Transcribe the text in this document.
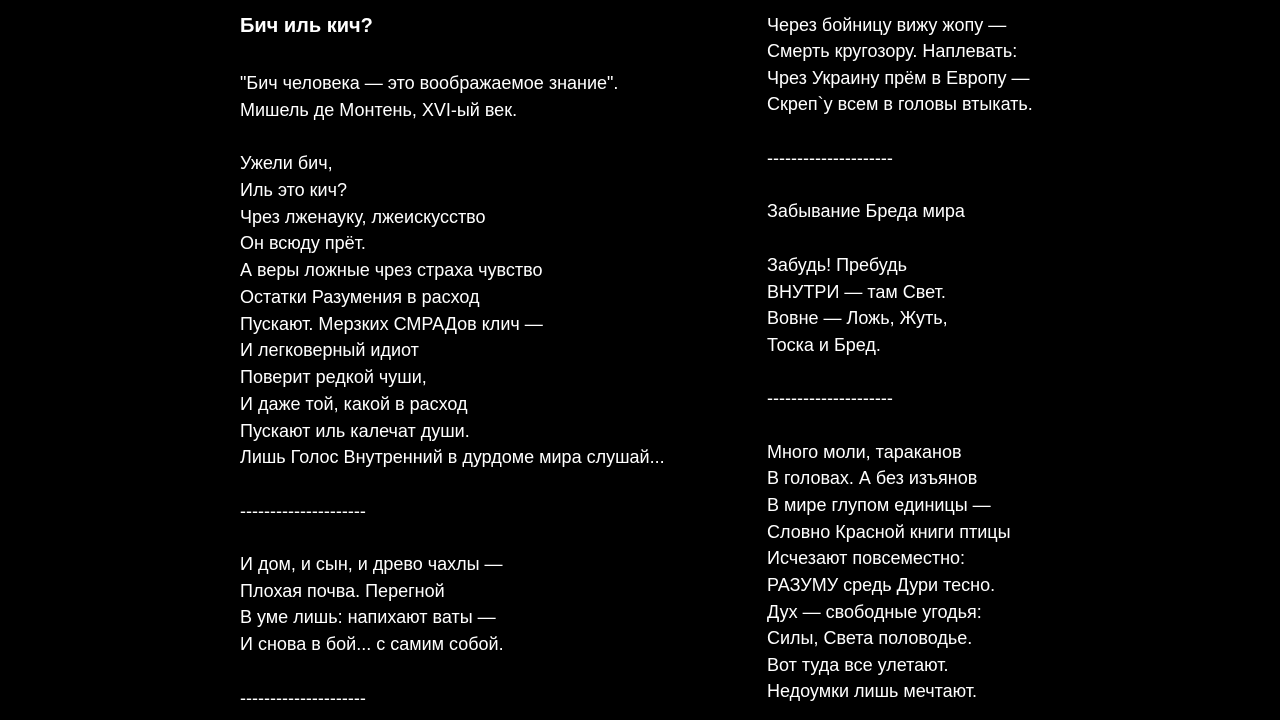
Бич иль кич?
"Бич человека — это воображаемое знание".
Мишель де Монтень, XVI-ый век.
Ужели бич,
Иль это кич?
Чрез лженауку, лжеискусство
Он всюду прёт.
А веры ложные чрез страха чувство
Остатки Разумения в расход
Пускают. Мерзких СМРАДов клич —
И легковерный идиот
Поверит редкой чуши,
И даже той, какой в расход
Пускают иль калечат души.
Лишь Голос Внутренний в дурдоме мира слушай...
---------------------
И дом, и сын, и древо чахлы —
Плохая почва. Перегной
В уме лишь: напихают ваты —
И снова в бой... с самим собой.
---------------------
Через бойницу вижу жопу —
Смерть кругозору. Наплевать:
Чрез Украину прём в Европу —
Скреп`у всем в головы втыкать.
---------------------
Забывание Бреда мира
Забудь! Пребудь
ВНУТРИ — там Свет.
Вовне — Ложь, Жуть,
Тоска и Бред.
---------------------
Много моли, тараканов
В головах. А без изъянов
В мире глупом единицы —
Словно Красной книги птицы
Исчезают повсеместно:
РАЗУМУ средь Дури тесно.
Дух — свободные угодья:
Силы, Света половодье.
Вот туда все улетают.
Недоумки лишь мечтают.
